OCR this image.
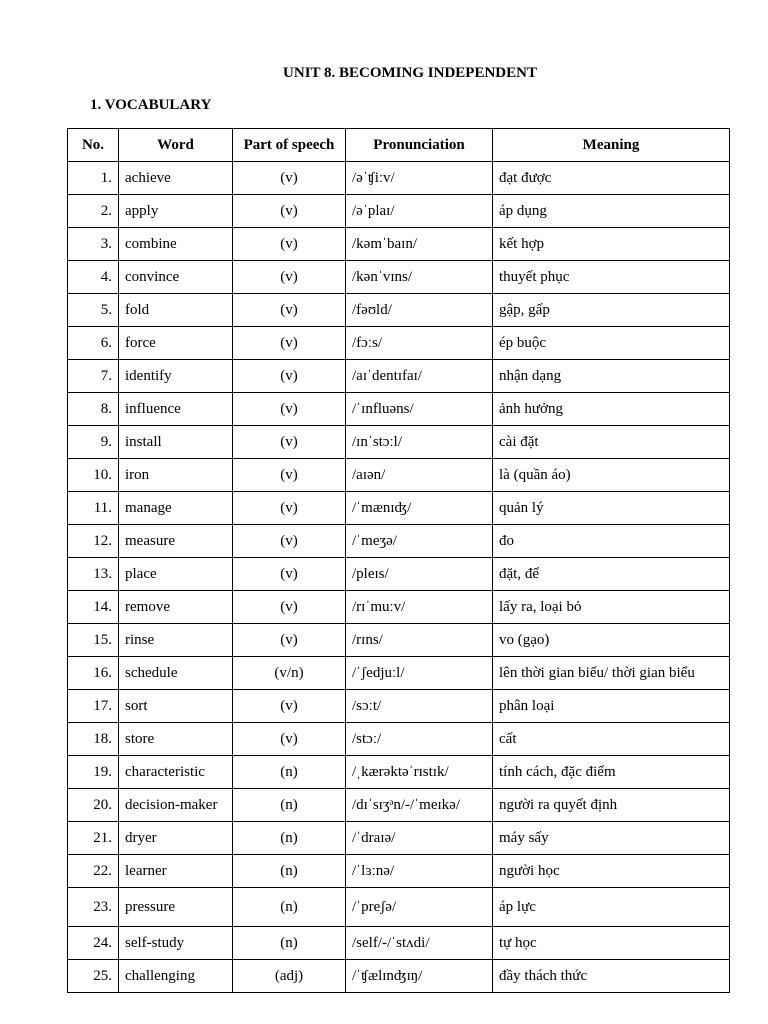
UNIT 8. BECOMING INDEPENDENT
1. VOCABULARY
No.	Word	Part of speech	Pronunciation	Meaning
1.	achieve	(v)	/əˈʧiːv/	đạt được
2.	apply	(v)	/əˈplaɪ/	áp dụng
3.	combine	(v)	/kəmˈbaɪn/	kết hợp
4.	convince	(v)	/kənˈvɪns/	thuyết phục
5.	fold	(v)	/fəʊld/	gập, gấp
6.	force	(v)	/fɔːs/	ép buộc
7.	identify	(v)	/aɪˈdentɪfaɪ/	nhận dạng
8.	influence	(v)	/ˈɪnfluəns/	ảnh hưởng
9.	install	(v)	/ɪnˈstɔːl/	cài đặt
10.	iron	(v)	/aɪən/	là (quần áo)
11.	manage	(v)	/ˈmænɪʤ/	quản lý
12.	measure	(v)	/ˈmeʒə/	đo
13.	place	(v)	/pleɪs/	đặt, để
14.	remove	(v)	/rɪˈmuːv/	lấy ra, loại bỏ
15.	rinse	(v)	/rɪns/	vo (gạo)
16.	schedule	(v/n)	/ˈʃedjuːl/	lên thời gian biểu/ thời gian biểu
17.	sort	(v)	/sɔːt/	phân loại
18.	store	(v)	/stɔː/	cất
19.	characteristic	(n)	/ˌkærəktəˈrɪstɪk/	tính cách, đặc điểm
20.	decision-maker	(n)	/dɪˈsɪʒᵊn/-/ˈmeɪkə/	người ra quyết định
21.	dryer	(n)	/ˈdraɪə/	máy sấy
22.	learner	(n)	/ˈlɜːnə/	người học
23.	pressure	(n)	/ˈpreʃə/	áp lực
24.	self-study	(n)	/self/-/ˈstʌdi/	tự học
25.	challenging	(adj)	/ˈʧælɪnʤɪŋ/	đầy thách thức
